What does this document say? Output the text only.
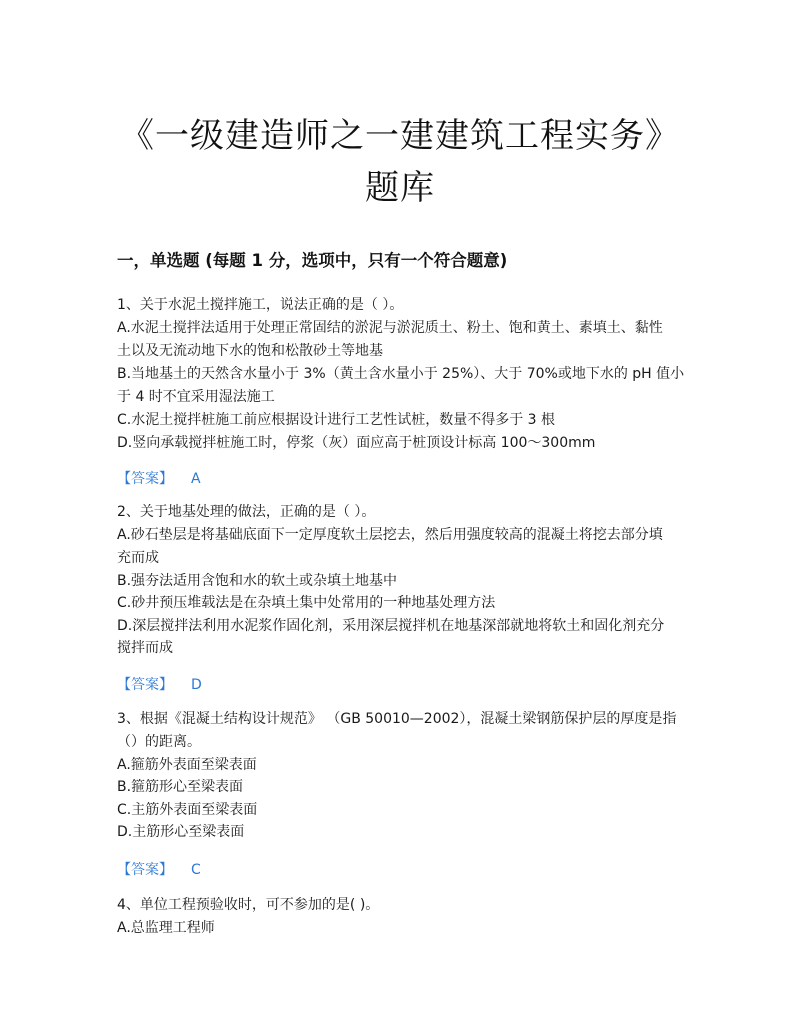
《一级建造师之一建建筑工程实务》
题库
一，单选题 (每题 1 分，选项中，只有一个符合题意)
1、关于水泥土搅拌施工，说法正确的是（ ）。
A.水泥土搅拌法适用于处理正常固结的淤泥与淤泥质土、粉土、饱和黄土、素填土、黏性
土以及无流动地下水的饱和松散砂土等地基
B.当地基土的天然含水量小于 3%（黄土含水量小于 25%）、大于 70%或地下水的 pH 值小
于 4 时不宜采用湿法施工
C.水泥土搅拌桩施工前应根据设计进行工艺性试桩，数量不得多于 3 根
D.竖向承载搅拌桩施工时，停浆（灰）面应高于桩顶设计标高 100～300mm
【答案】 A
2、关于地基处理的做法，正确的是（ ）。
A.砂石垫层是将基础底面下一定厚度软土层挖去，然后用强度较高的混凝土将挖去部分填
充而成
B.强夯法适用含饱和水的软土或杂填土地基中
C.砂井预压堆载法是在杂填土集中处常用的一种地基处理方法
D.深层搅拌法利用水泥浆作固化剂，采用深层搅拌机在地基深部就地将软土和固化剂充分
搅拌而成
【答案】 D
3、根据《混凝土结构设计规范》 （GB 50010—2002），混凝土梁钢筋保护层的厚度是指
（）的距离。
A.箍筋外表面至梁表面
B.箍筋形心至梁表面
C.主筋外表面至梁表面
D.主筋形心至梁表面
【答案】 C
4、单位工程预验收时，可不参加的是( )。
A.总监理工程师
